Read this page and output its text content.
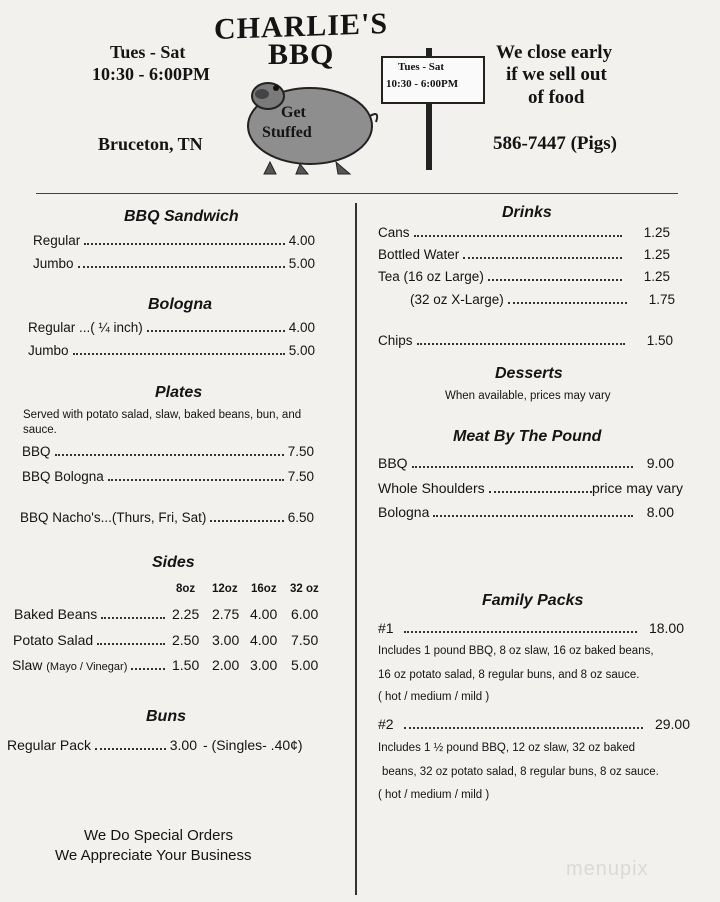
Tues - Sat
10:30 - 6:00PM
Bruceton, TN
We close early
if we sell out
of food
586-7447 (Pigs)
CHARLIE'S
BBQ
Get
Stuffed
Tues - Sat
10:30 - 6:00PM
BBQ Sandwich
Regular	4.00
Jumbo	5.00
Bologna
Regular ...( ¼ inch)	4.00
Jumbo	5.00
Plates
Served with potato salad, slaw, baked beans, bun, and sauce.
BBQ	7.50
BBQ Bologna	7.50
BBQ Nacho's...(Thurs, Fri, Sat)	6.50
Sides
8oz 12oz 16oz 32 oz
Baked Beans	2.25 2.75 4.00 6.00
Potato Salad	2.50 3.00 4.00 7.50
Slaw
(Mayo / Vinegar)	1.50 2.00 3.00 5.00
Buns
Regular Pack	3.00 - (Singles- .40¢)
We Do Special Orders
We Appreciate Your Business
Drinks
Cans	1.25
Bottled Water	1.25
Tea (16 oz Large)	1.25
(32 oz X-Large)	1.75
Chips	1.50
Desserts
When available, prices may vary
Meat By The Pound
BBQ	9.00
Whole Shoulders	price may vary
Bologna	8.00
Family Packs
#1	18.00
Includes 1 pound BBQ, 8 oz slaw, 16 oz baked beans,
16 oz potato salad, 8 regular buns, and 8 oz sauce.
( hot / medium / mild )
#2	29.00
Includes 1 ½ pound BBQ, 12 oz slaw, 32 oz baked
beans, 32 oz potato salad, 8 regular buns, 8 oz sauce.
( hot / medium / mild )
menupix
